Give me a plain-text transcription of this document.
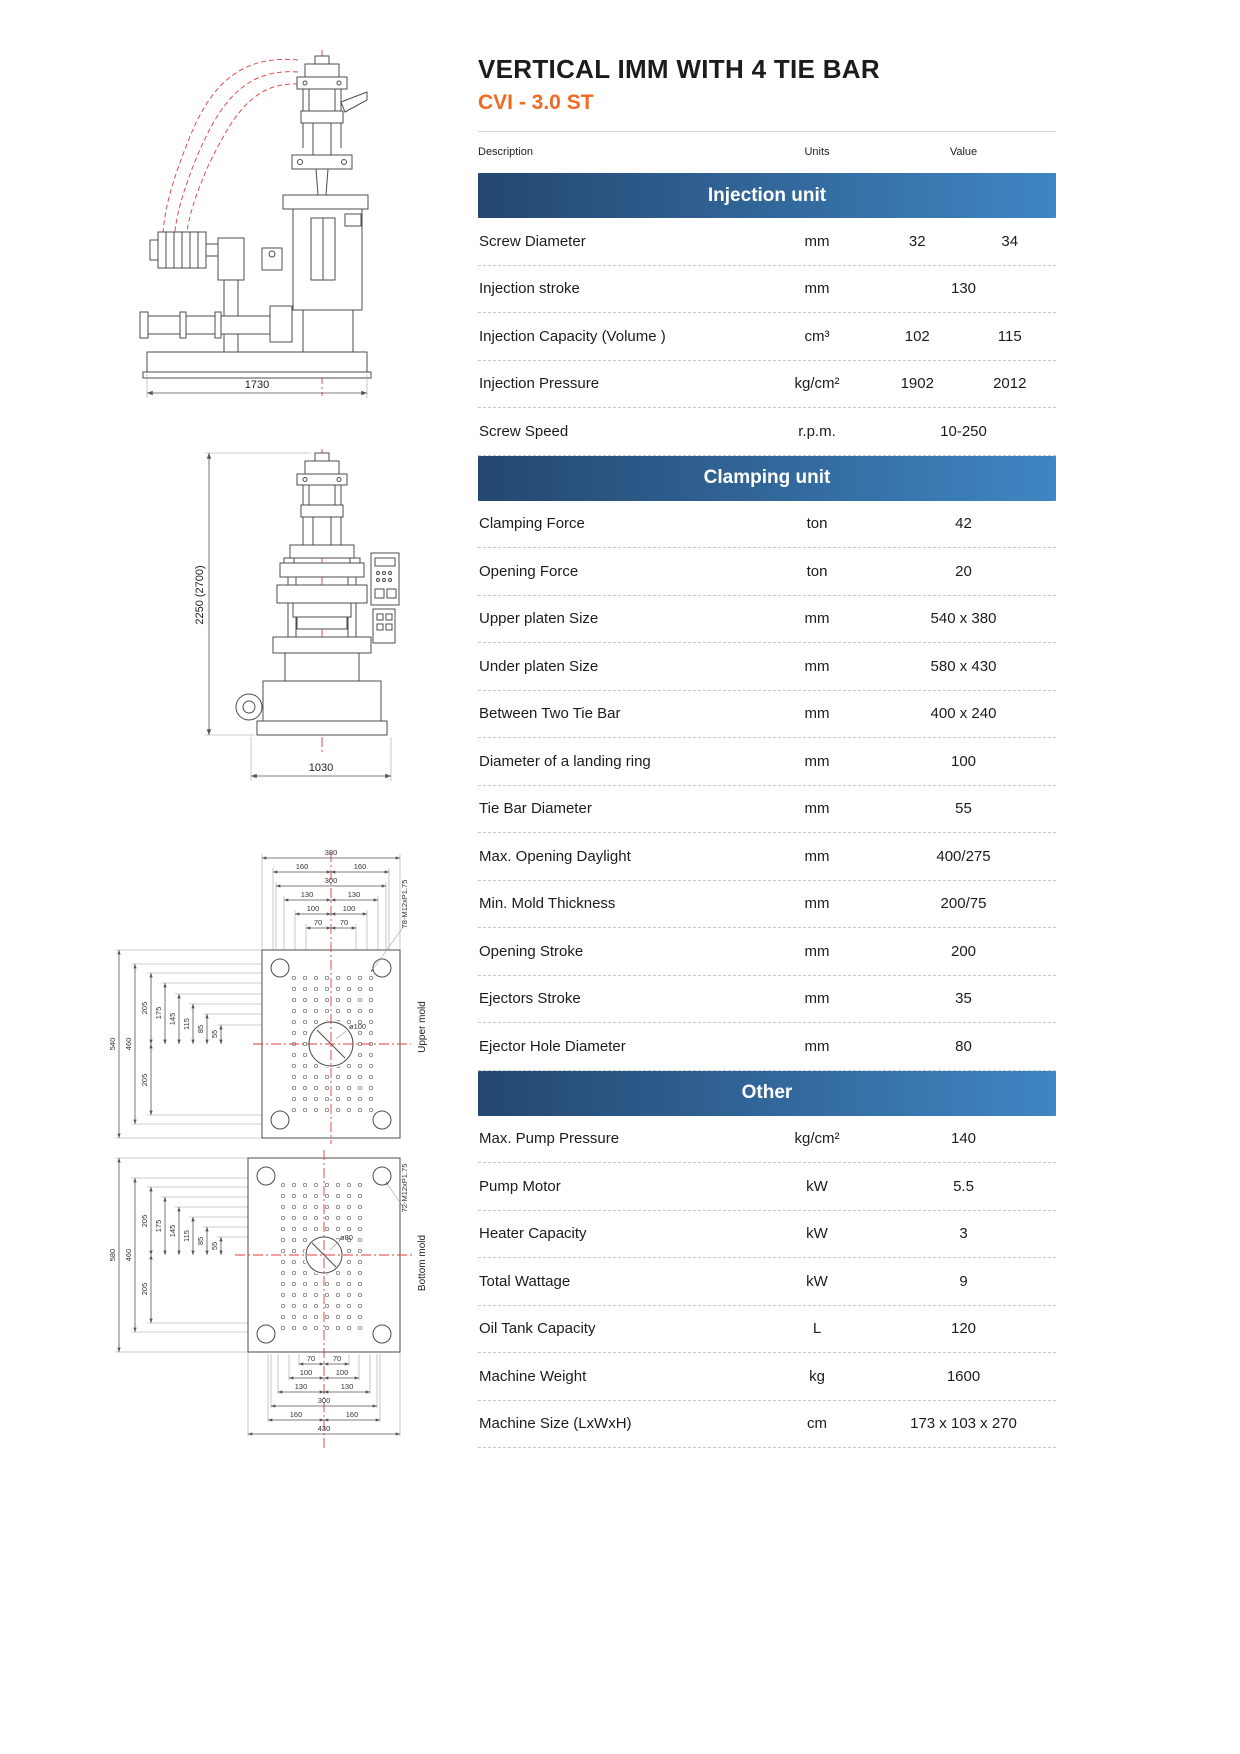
1730
2250 (2700)
1030
ø100
380
160	160
300
130	130
100	100
70 70
540 460
205 175 145 115 85
55
205
78-M12xP1.75
Upper mold
ø80
70 70
100	100
130	130
300
160	160
430
580 460
205 175 145 115 85
55
205
72-M12xP1.75
Bottom mold
VERTICAL IMM WITH 4 TIE BAR
CVI - 3.0 ST
Description	Units	Value
Injection unit
Screw Diameter	mm	32	34
Injection stroke	mm	130
Injection Capacity (Volume )	cm³	102	115
Injection Pressure	kg/cm²	1902	2012
Screw Speed	r.p.m.	10-250
Clamping unit
Clamping Force	ton	42
Opening Force	ton	20
Upper platen Size	mm	540 x 380
Under platen Size	mm	580 x 430
Between Two Tie Bar	mm	400 x 240
Diameter of a landing ring	mm	100
Tie Bar Diameter	mm	55
Max. Opening Daylight	mm	400/275
Min. Mold Thickness	mm	200/75
Opening Stroke	mm	200
Ejectors Stroke	mm	35
Ejector Hole Diameter	mm	80
Other
Max. Pump Pressure	kg/cm²	140
Pump Motor	kW	5.5
Heater Capacity	kW	3
Total Wattage	kW	9
Oil Tank Capacity	L	120
Machine Weight	kg	1600
Machine Size (LxWxH)	cm	173 x 103 x 270
